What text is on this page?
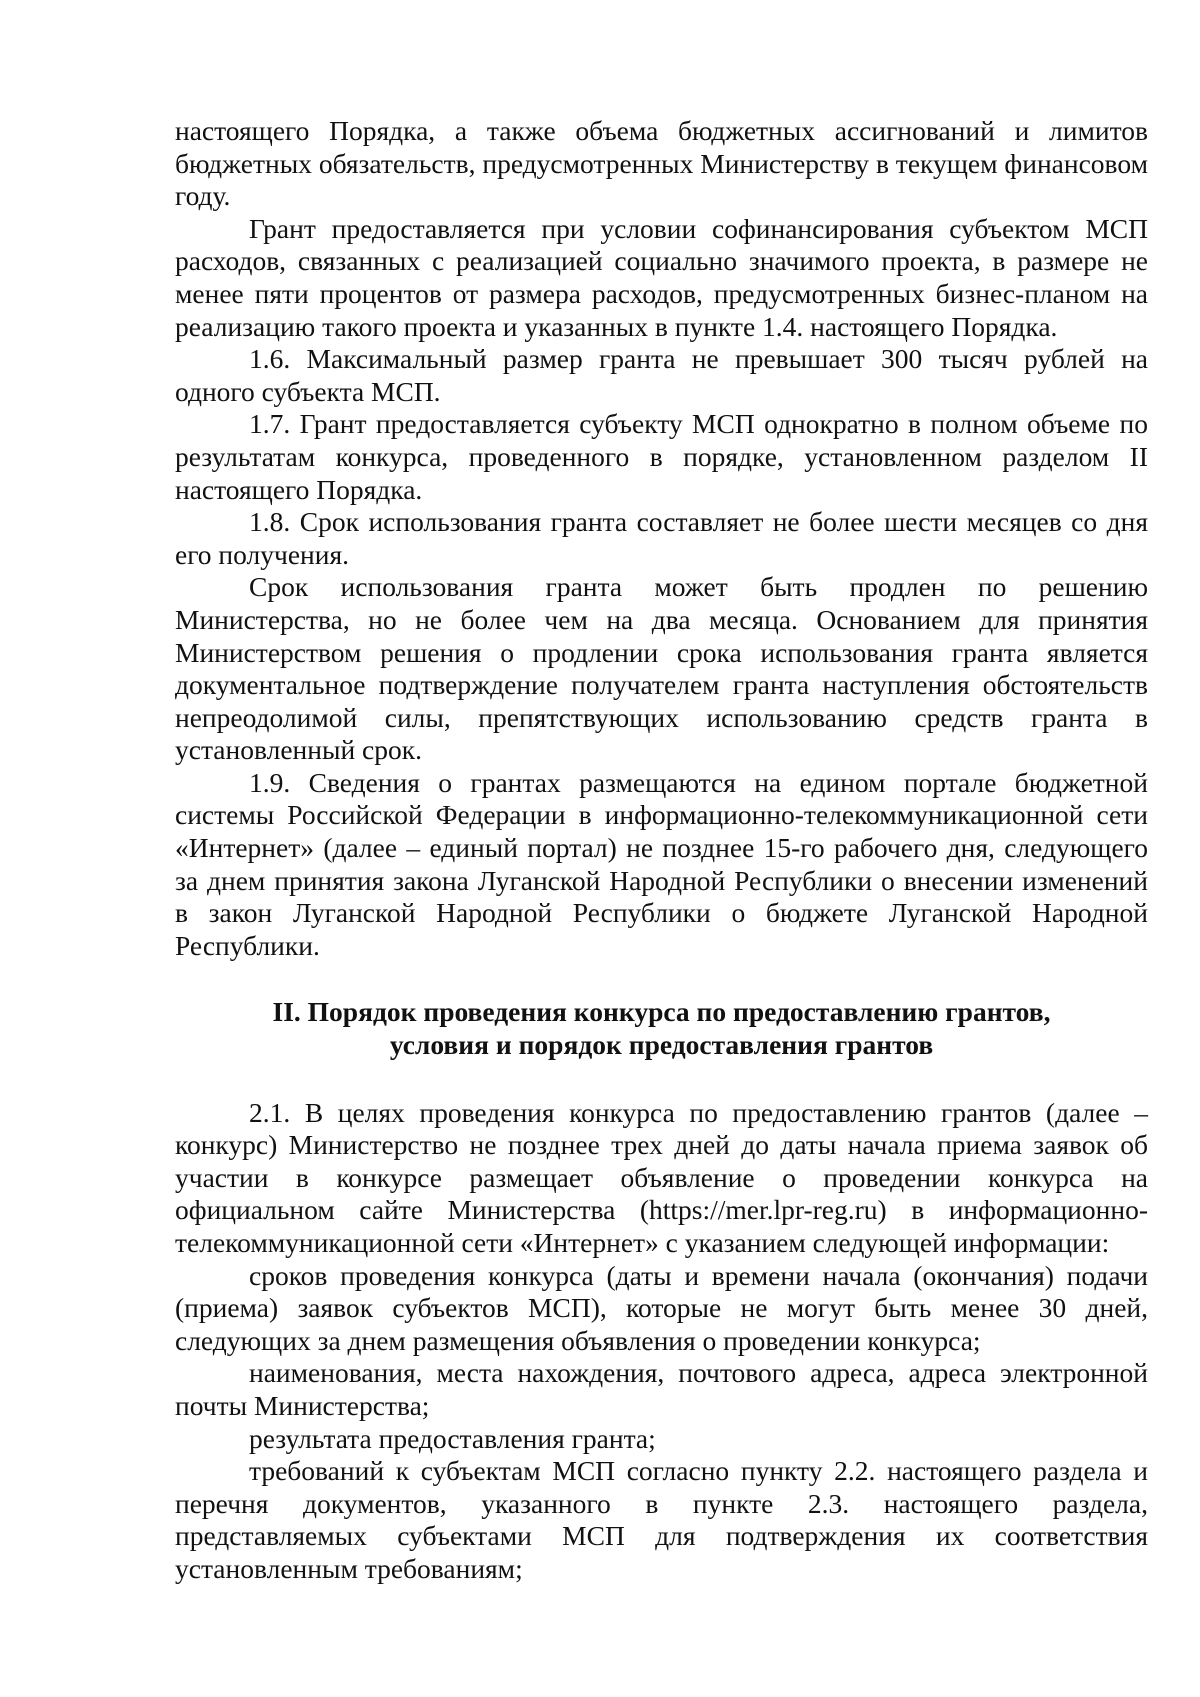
настоящего Порядка, а также объема бюджетных ассигнований и лимитов бюджетных обязательств, предусмотренных Министерству в текущем финансовом году.

Грант предоставляется при условии софинансирования субъектом МСП расходов, связанных с реализацией социально значимого проекта, в размере не менее пяти процентов от размера расходов, предусмотренных бизнес-планом на реализацию такого проекта и указанных в пункте 1.4. настоящего Порядка.

1.6. Максимальный размер гранта не превышает 300 тысяч рублей на одного субъекта МСП.

1.7. Грант предоставляется субъекту МСП однократно в полном объеме по результатам конкурса, проведенного в порядке, установленном разделом II настоящего Порядка.

1.8. Срок использования гранта составляет не более шести месяцев со дня его получения.

Срок использования гранта может быть продлен по решению Министерства, но не более чем на два месяца. Основанием для принятия Министерством решения о продлении срока использования гранта является документальное подтверждение получателем гранта наступления обстоятельств непреодолимой силы, препятствующих использованию средств гранта в установленный срок.

1.9. Сведения о грантах размещаются на едином портале бюджетной системы Российской Федерации в информационно-телекоммуникационной сети «Интернет» (далее – единый портал) не позднее 15-го рабочего дня, следующего за днем принятия закона Луганской Народной Республики о внесении изменений в закон Луганской Народной Республики о бюджете Луганской Народной Республики.

II. Порядок проведения конкурса по предоставлению грантов,
условия и порядок предоставления грантов

2.1. В целях проведения конкурса по предоставлению грантов (далее – конкурс) Министерство не позднее трех дней до даты начала приема заявок об участии в конкурсе размещает объявление о проведении конкурса на официальном сайте Министерства (https://mer.lpr-reg.ru) в информационно-телекоммуникационной сети «Интернет» с указанием следующей информации:

сроков проведения конкурса (даты и времени начала (окончания) подачи (приема) заявок субъектов МСП), которые не могут быть менее 30 дней, следующих за днем размещения объявления о проведении конкурса;

наименования, места нахождения, почтового адреса, адреса электронной почты Министерства;

результата предоставления гранта;

требований к субъектам МСП согласно пункту 2.2. настоящего раздела и перечня документов, указанного в пункте 2.3. настоящего раздела, представляемых субъектами МСП для подтверждения их соответствия установленным требованиям;
